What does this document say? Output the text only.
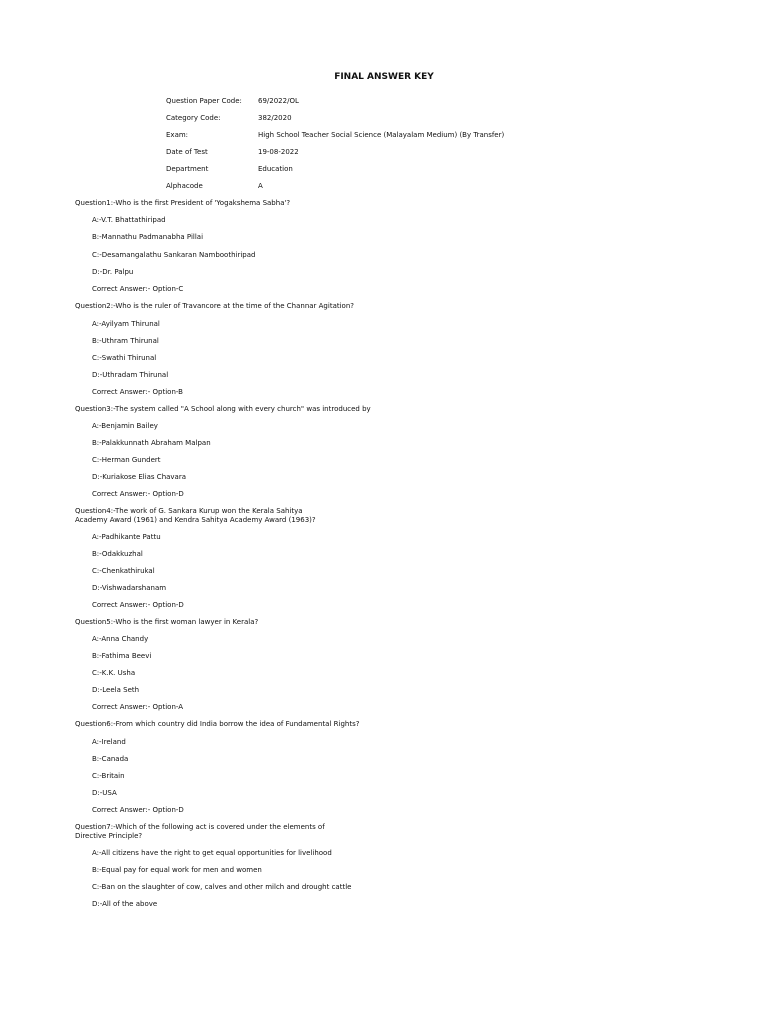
FINAL ANSWER KEY
Question Paper Code: 69/2022/OL
Category Code:	382/2020
Exam:	High School Teacher Social Science (Malayalam Medium) (By Transfer)
Date of Test	19-08-2022
Department	Education
Alphacode	A
Question1:-Who is the first President of 'Yogakshema Sabha'?
A:-V.T. Bhattathiripad
B:-Mannathu Padmanabha Pillai
C:-Desamangalathu Sankaran Namboothiripad
D:-Dr. Palpu
Correct Answer:- Option-C
Question2:-Who is the ruler of Travancore at the time of the Channar Agitation?
A:-Ayilyam Thirunal
B:-Uthram Thirunal
C:-Swathi Thirunal
D:-Uthradam Thirunal
Correct Answer:- Option-B
Question3:-The system called "A School along with every church" was introduced by
A:-Benjamin Bailey
B:-Palakkunnath Abraham Malpan
C:-Herman Gundert
D:-Kuriakose Elias Chavara
Correct Answer:- Option-D
Question4:-The work of G. Sankara Kurup won the Kerala Sahitya Academy Award (1961) and Kendra Sahitya Academy Award (1963)?
A:-Padhikante Pattu
B:-Odakkuzhal
C:-Chenkathirukal
D:-Vishwadarshanam
Correct Answer:- Option-D
Question5:-Who is the first woman lawyer in Kerala?
A:-Anna Chandy
B:-Fathima Beevi
C:-K.K. Usha
D:-Leela Seth
Correct Answer:- Option-A
Question6:-From which country did India borrow the idea of Fundamental Rights?
A:-Ireland
B:-Canada
C:-Britain
D:-USA
Correct Answer:- Option-D
Question7:-Which of the following act is covered under the elements of Directive Principle?
A:-All citizens have the right to get equal opportunities for livelihood
B:-Equal pay for equal work for men and women
C:-Ban on the slaughter of cow, calves and other milch and drought cattle
D:-All of the above
